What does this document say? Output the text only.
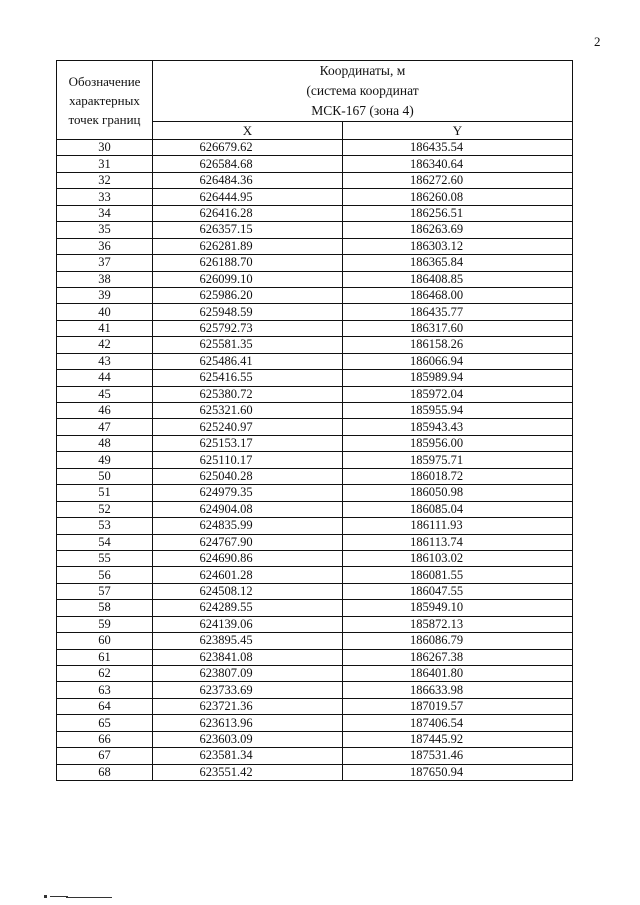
2
Обозначение характерных точек границ	Координаты, м
(система координат
МСК-167 (зона 4)	

	X	Y
30	626679.62	186435.54
31	626584.68	186340.64
32	626484.36	186272.60
33	626444.95	186260.08
34	626416.28	186256.51
35	626357.15	186263.69
36	626281.89	186303.12
37	626188.70	186365.84
38	626099.10	186408.85
39	625986.20	186468.00
40	625948.59	186435.77
41	625792.73	186317.60
42	625581.35	186158.26
43	625486.41	186066.94
44	625416.55	185989.94
45	625380.72	185972.04
46	625321.60	185955.94
47	625240.97	185943.43
48	625153.17	185956.00
49	625110.17	185975.71
50	625040.28	186018.72
51	624979.35	186050.98
52	624904.08	186085.04
53	624835.99	186111.93
54	624767.90	186113.74
55	624690.86	186103.02
56	624601.28	186081.55
57	624508.12	186047.55
58	624289.55	185949.10
59	624139.06	185872.13
60	623895.45	186086.79
61	623841.08	186267.38
62	623807.09	186401.80
63	623733.69	186633.98
64	623721.36	187019.57
65	623613.96	187406.54
66	623603.09	187445.92
67	623581.34	187531.46
68	623551.42	187650.94
